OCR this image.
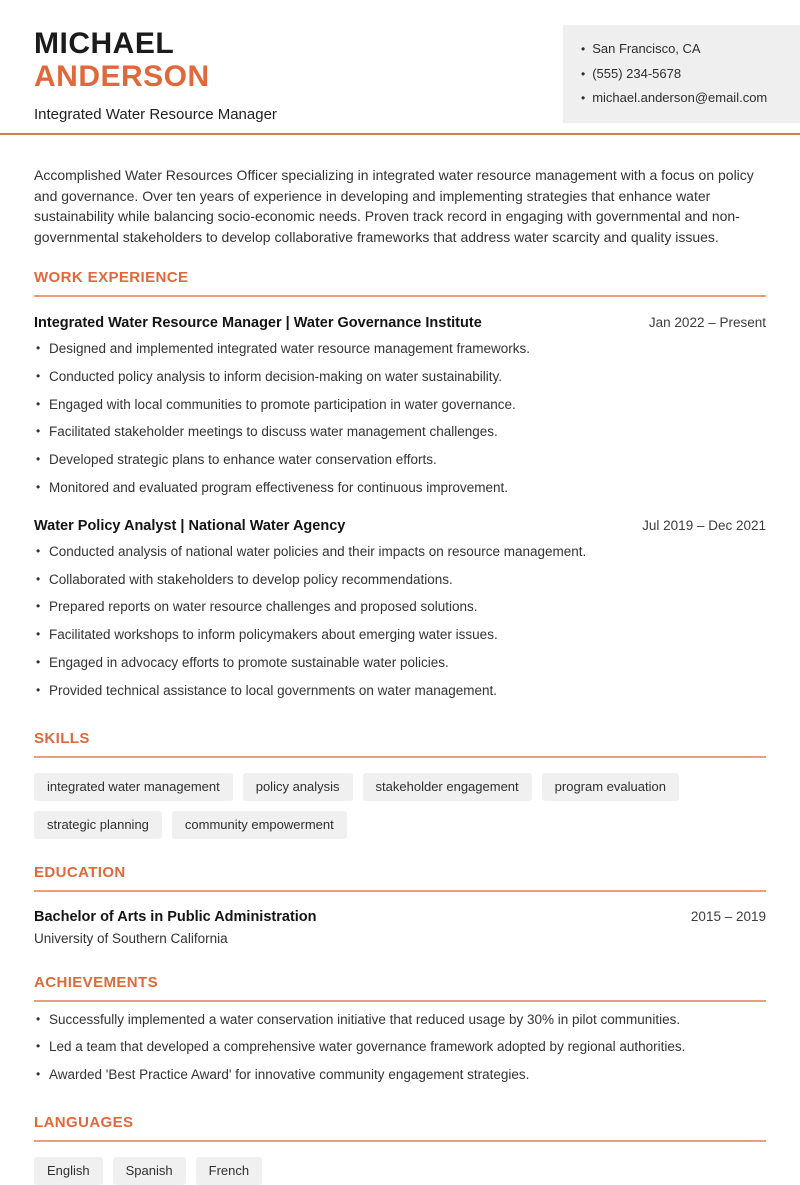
MICHAEL
ANDERSON
Integrated Water Resource Manager
• San Francisco, CA
• (555) 234-5678
• michael.anderson@email.com

Accomplished Water Resources Officer specializing in integrated water resource management with a focus on policy and governance. Over ten years of experience in developing and implementing strategies that enhance water sustainability while balancing socio-economic needs. Proven track record in engaging with governmental and non-governmental stakeholders to develop collaborative frameworks that address water scarcity and quality issues.

WORK EXPERIENCE
Integrated Water Resource Manager | Water Governance Institute	Jan 2022 – Present
• Designed and implemented integrated water resource management frameworks.
• Conducted policy analysis to inform decision-making on water sustainability.
• Engaged with local communities to promote participation in water governance.
• Facilitated stakeholder meetings to discuss water management challenges.
• Developed strategic plans to enhance water conservation efforts.
• Monitored and evaluated program effectiveness for continuous improvement.
Water Policy Analyst | National Water Agency	Jul 2019 – Dec 2021
• Conducted analysis of national water policies and their impacts on resource management.
• Collaborated with stakeholders to develop policy recommendations.
• Prepared reports on water resource challenges and proposed solutions.
• Facilitated workshops to inform policymakers about emerging water issues.
• Engaged in advocacy efforts to promote sustainable water policies.
• Provided technical assistance to local governments on water management.
SKILLS
integrated water management	policy analysis	stakeholder engagement	program evaluation
strategic planning	community empowerment
EDUCATION
Bachelor of Arts in Public Administration	2015 – 2019
University of Southern California
ACHIEVEMENTS
• Successfully implemented a water conservation initiative that reduced usage by 30% in pilot communities.
• Led a team that developed a comprehensive water governance framework adopted by regional authorities.
• Awarded 'Best Practice Award' for innovative community engagement strategies.
LANGUAGES
English	Spanish	French
